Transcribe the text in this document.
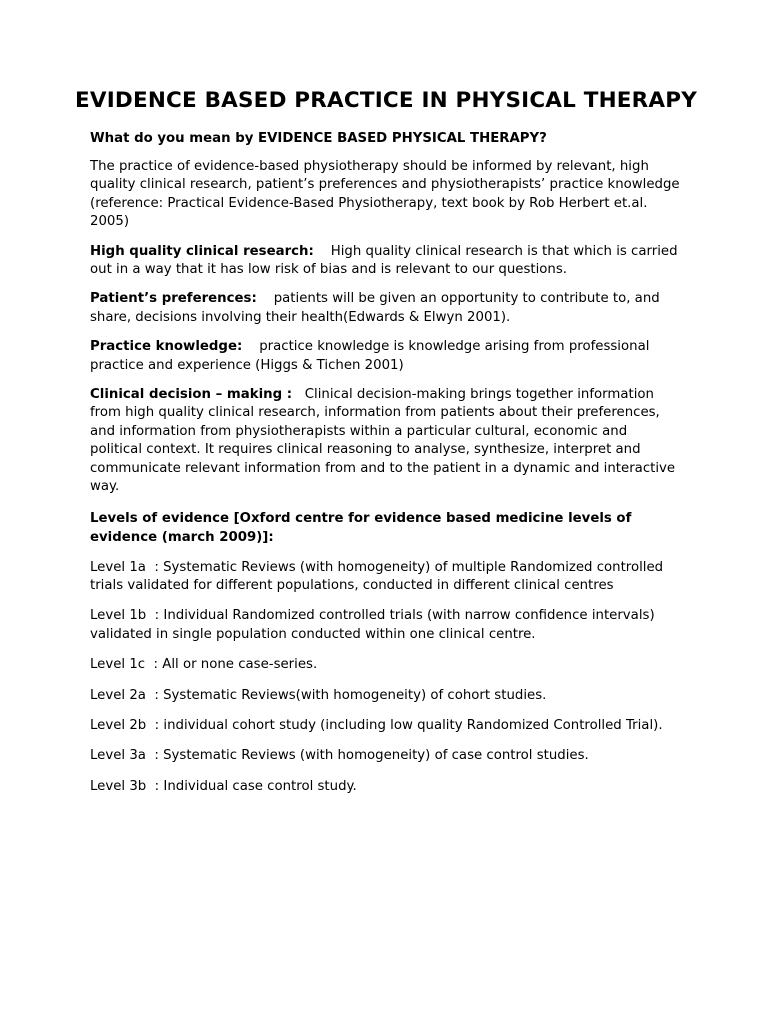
EVIDENCE BASED PRACTICE IN PHYSICAL THERAPY
What do you mean by EVIDENCE BASED PHYSICAL THERAPY?
The practice of evidence-based physiotherapy should be informed by relevant, high quality clinical research, patient’s preferences and physiotherapists’ practice knowledge (reference: Practical Evidence-Based Physiotherapy, text book by Rob Herbert et.al. 2005)
High quality clinical research: High quality clinical research is that which is carried out in a way that it has low risk of bias and is relevant to our questions.
Patient’s preferences: patients will be given an opportunity to contribute to, and share, decisions involving their health(Edwards & Elwyn 2001).
Practice knowledge: practice knowledge is knowledge arising from professional practice and experience (Higgs & Tichen 2001)
Clinical decision – making : Clinical decision-making brings together information from high quality clinical research, information from patients about their preferences, and information from physiotherapists within a particular cultural, economic and political context. It requires clinical reasoning to analyse, synthesize, interpret and communicate relevant information from and to the patient in a dynamic and interactive way.
Levels of evidence [Oxford centre for evidence based medicine levels of evidence (march 2009)]:
Level 1a  : Systematic Reviews (with homogeneity) of multiple Randomized controlled trials validated for different populations, conducted in different clinical centres
Level 1b  : Individual Randomized controlled trials (with narrow confidence intervals) validated in single population conducted within one clinical centre.
Level 1c  : All or none case-series.
Level 2a  : Systematic Reviews(with homogeneity) of cohort studies.
Level 2b  : individual cohort study (including low quality Randomized Controlled Trial).
Level 3a  : Systematic Reviews (with homogeneity) of case control studies.
Level 3b  : Individual case control study.
